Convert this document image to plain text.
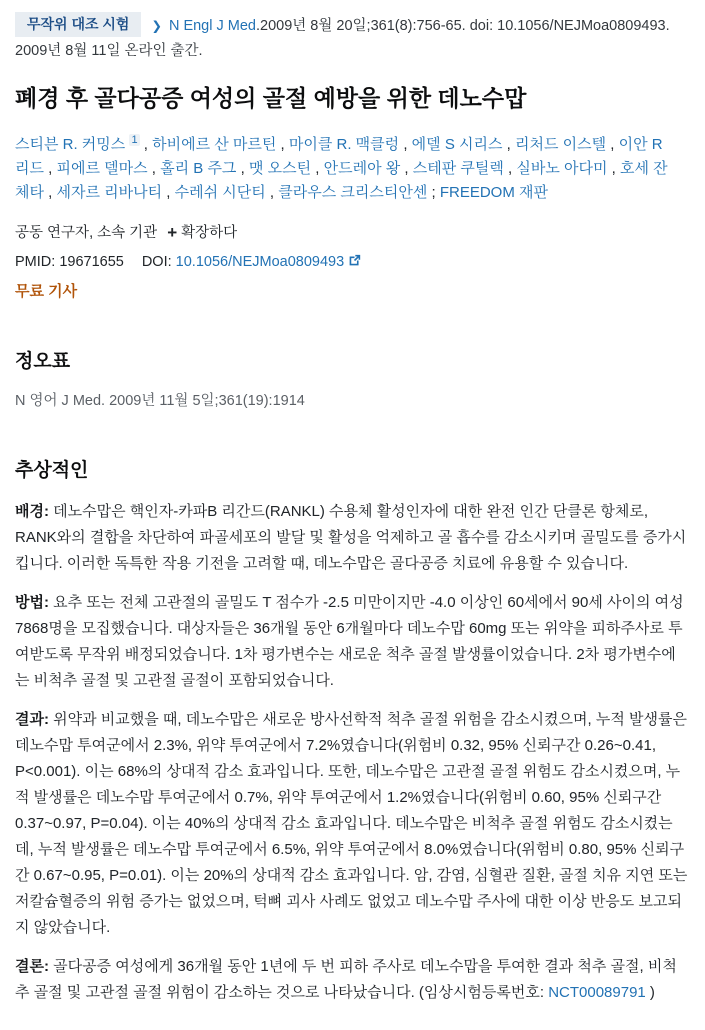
무작위 대조 시험 ❯ N Engl J Med.2009년 8월 20일;361(8):756-65. doi: 10.1056/NEJMoa0809493. 2009년 8월 11일 온라인 출간.
폐경 후 골다공증 여성의 골절 예방을 위한 데노수맙
스티븐 R. 커밍스 $^1$ , 하비에르 산 마르틴 , 마이클 R. 맥클렁 , 에델 S 시리스 , 리처드 이스텔 , 이안 R 리드 , 피에르 델마스 , 홀리 B 주그 , 맷 오스틴 , 안드레아 왕 , 스테판 쿠틸렉 , 실바노 아다미 , 호세 잔체타 , 세자르 리바나티 , 수레쉬 시단티 , 클라우스 크리스티안센 ; FREEDOM 재판
공동 연구자, 소속 기관 + 확장하다
PMID: 19671655 DOI: 10.1056/NEJMoa0809493
무료 기사
정오표
N 영어 J Med. 2009년 11월 5일;361(19):1914
추상적인

배경: 데노수맙은 핵인자-카파B 리간드(RANKL) 수용체 활성인자에 대한 완전 인간 단클론 항체로, RANK와의 결합을 차단하여 파골세포의 발달 및 활성을 억제하고 골 흡수를 감소시키며 골밀도를 증가시킵니다. 이러한 독특한 작용 기전을 고려할 때, 데노수맙은 골다공증 치료에 유용할 수 있습니다.

방법: 요추 또는 전체 고관절의 골밀도 T 점수가 -2.5 미만이지만 -4.0 이상인 60세에서 90세 사이의 여성 7868명을 모집했습니다. 대상자들은 36개월 동안 6개월마다 데노수맙 60mg 또는 위약을 피하주사로 투여받도록 무작위 배정되었습니다. 1차 평가변수는 새로운 척추 골절 발생률이었습니다. 2차 평가변수에는 비척추 골절 및 고관절 골절이 포함되었습니다.

결과: 위약과 비교했을 때, 데노수맙은 새로운 방사선학적 척추 골절 위험을 감소시켰으며, 누적 발생률은 데노수맙 투여군에서 2.3%, 위약 투여군에서 7.2%였습니다(위험비 0.32, 95% 신뢰구간 0.26~0.41, P<0.001). 이는 68%의 상대적 감소 효과입니다. 또한, 데노수맙은 고관절 골절 위험도 감소시켰으며, 누적 발생률은 데노수맙 투여군에서 0.7%, 위약 투여군에서 1.2%였습니다(위험비 0.60, 95% 신뢰구간 0.37~0.97, P=0.04). 이는 40%의 상대적 감소 효과입니다. 데노수맙은 비척추 골절 위험도 감소시켰는데, 누적 발생률은 데노수맙 투여군에서 6.5%, 위약 투여군에서 8.0%였습니다(위험비 0.80, 95% 신뢰구간 0.67~0.95, P=0.01). 이는 20%의 상대적 감소 효과입니다. 암, 감염, 심혈관 질환, 골절 치유 지연 또는 저칼슘혈증의 위험 증가는 없었으며, 턱뼈 괴사 사례도 없었고 데노수맙 주사에 대한 이상 반응도 보고되지 않았습니다.

결론: 골다공증 여성에게 36개월 동안 1년에 두 번 피하 주사로 데노수맙을 투여한 결과 척추 골절, 비척추 골절 및 고관절 골절 위험이 감소하는 것으로 나타났습니다. (임상시험등록번호: NCT00089791 )
